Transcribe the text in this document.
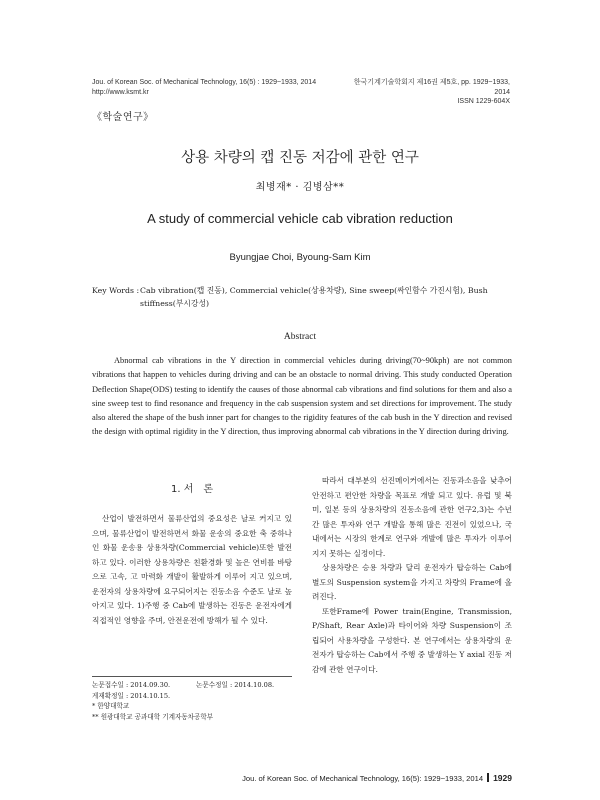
Jou. of Korean Soc. of Mechanical Technology, 16(5) : 1929~1933, 2014
http://www.ksmt.kr
한국기계기술학회지 제16권 제5호, pp. 1929~1933, 2014
ISSN 1229-604X
《학술연구》
상용 차량의 캡 진동 저감에 관한 연구
최병재* · 김병삼**
A study of commercial vehicle cab vibration reduction
Byungjae Choi, Byoung-Sam Kim
Key Words : Cab vibration(캡 진동), Commercial vehicle(상용차량), Sine sweep(싸인함수 가진시험), Bush stiffness(부시강성)
Abstract
Abnormal cab vibrations in the Y direction in commercial vehicles during driving(70~90kph) are not common vibrations that happen to vehicles during driving and can be an obstacle to normal driving. This study conducted Operation Deflection Shape(ODS) testing to identify the causes of those abnormal cab vibrations and find solutions for them and also a sine sweep test to find resonance and frequency in the cab suspension system and set directions for improvement. The study also altered the shape of the bush inner part for changes to the rigidity features of the cab bush in the Y direction and revised the design with optimal rigidity in the Y direction, thus improving abnormal cab vibrations in the Y direction during driving.
1. 서　론

산업이 발전하면서 물류산업의 중요성은 날로 커지고 있으며, 물류산업이 발전하면서 화물 운송의 중요한 축 중하나인 화물 운송용 상용차량(Commercial vehicle)또한 발전하고 있다. 이러한 상용차량은 친환경화 및 높은 연비를 바탕으로 고속, 고 마력화 개발이 활발하게 이루어 지고 있으며, 운전자의 상용차량에 요구되어지는 진동소음 수준도 날로 높아지고 있다. 1)주행 중 Cab에 발생하는 진동은 운전자에게 직접적인 영향을 주며, 안전운전에 방해가 될 수 있다.

따라서 대부분의 선진메이커에서는 진동과소음을 낮추어 안전하고 편안한 차량을 목표로 개발 되고 있다. 유럽 및 북미, 일본 등의 상용차량의 진동소음에 관한 연구2,3)는 수년간 많은 투자와 연구 개발을 통해 많은 진전이 있었으나, 국내에서는 시장의 한계로 연구와 개발에 많은 투자가 이루어 지지 못하는 실정이다.

상용차량은 승용 차량과 달리 운전자가 탑승하는 Cab에 별도의 Suspension system을 가지고 차량의 Frame에 올려진다.

또한Frame에 Power train(Engine, Transmission, P/Shaft, Rear Axle)과 타이어와 차량 Suspension이 조립되어 사용차량을 구성한다. 본 연구에서는 상용차량의 운전자가 탑승하는 Cab에서 주행 중 발생하는 Y axial 진동 저감에 관한 연구이다.

논문접수일 : 2014.09.30.	논문수정일 : 2014.10.08.
게재확정일 : 2014.10.15.
* 한양대학교
** 원광대학교 공과대학 기계자동차공학부
Jou. of Korean Soc. of Mechanical Technology, 16(5): 1929~1933, 2014 1929
